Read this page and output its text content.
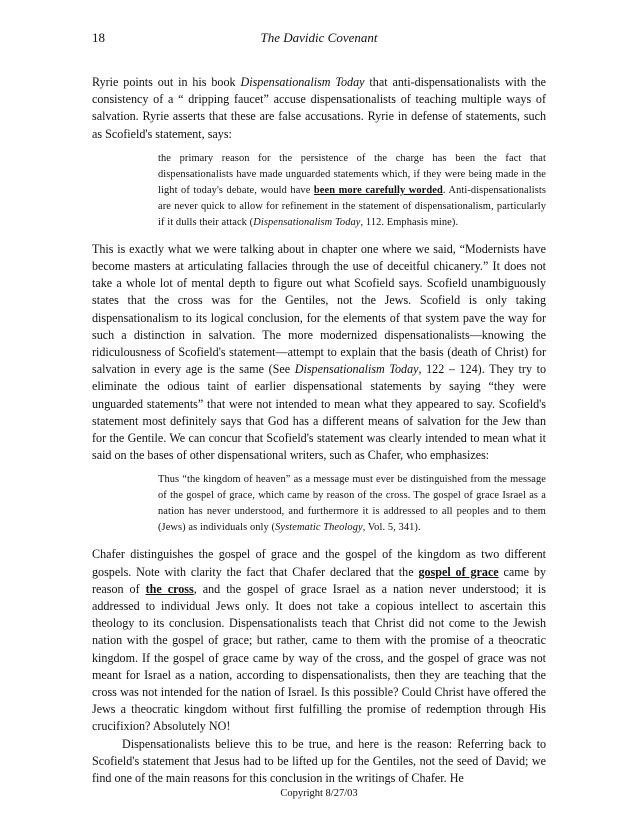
18	The Davidic Covenant

Ryrie points out in his book Dispensationalism Today that anti-dispensationalists with the consistency of a “ dripping faucet” accuse dispensationalists of teaching multiple ways of salvation. Ryrie asserts that these are false accusations. Ryrie in defense of statements, such as Scofield's statement, says:

the primary reason for the persistence of the charge has been the fact that dispensationalists have made unguarded statements which, if they were being made in the light of today's debate, would have been more carefully worded. Anti-dispensationalists are never quick to allow for refinement in the statement of dispensationalism, particularly if it dulls their attack (Dispensationalism Today, 112. Emphasis mine).

This is exactly what we were talking about in chapter one where we said, “Modernists have become masters at articulating fallacies through the use of deceitful chicanery.” It does not take a whole lot of mental depth to figure out what Scofield says. Scofield unambiguously states that the cross was for the Gentiles, not the Jews. Scofield is only taking dispensationalism to its logical conclusion, for the elements of that system pave the way for such a distinction in salvation. The more modernized dispensationalists—knowing the ridiculousness of Scofield's statement—attempt to explain that the basis (death of Christ) for salvation in every age is the same (See Dispensationalism Today, 122 – 124). They try to eliminate the odious taint of earlier dispensational statements by saying “they were unguarded statements” that were not intended to mean what they appeared to say. Scofield's statement most definitely says that God has a different means of salvation for the Jew than for the Gentile. We can concur that Scofield's statement was clearly intended to mean what it said on the bases of other dispensational writers, such as Chafer, who emphasizes:

Thus “the kingdom of heaven” as a message must ever be distinguished from the message of the gospel of grace, which came by reason of the cross. The gospel of grace Israel as a nation has never understood, and furthermore it is addressed to all peoples and to them (Jews) as individuals only (Systematic Theology, Vol. 5, 341).

Chafer distinguishes the gospel of grace and the gospel of the kingdom as two different gospels. Note with clarity the fact that Chafer declared that the gospel of grace came by reason of the cross, and the gospel of grace Israel as a nation never understood; it is addressed to individual Jews only. It does not take a copious intellect to ascertain this theology to its conclusion. Dispensationalists teach that Christ did not come to the Jewish nation with the gospel of grace; but rather, came to them with the promise of a theocratic kingdom. If the gospel of grace came by way of the cross, and the gospel of grace was not meant for Israel as a nation, according to dispensationalists, then they are teaching that the cross was not intended for the nation of Israel. Is this possible? Could Christ have offered the Jews a theocratic kingdom without first fulfilling the promise of redemption through His crucifixion? Absolutely NO!

Dispensationalists believe this to be true, and here is the reason: Referring back to Scofield's statement that Jesus had to be lifted up for the Gentiles, not the seed of David; we find one of the main reasons for this conclusion in the writings of Chafer. He

Copyright 8/27/03
